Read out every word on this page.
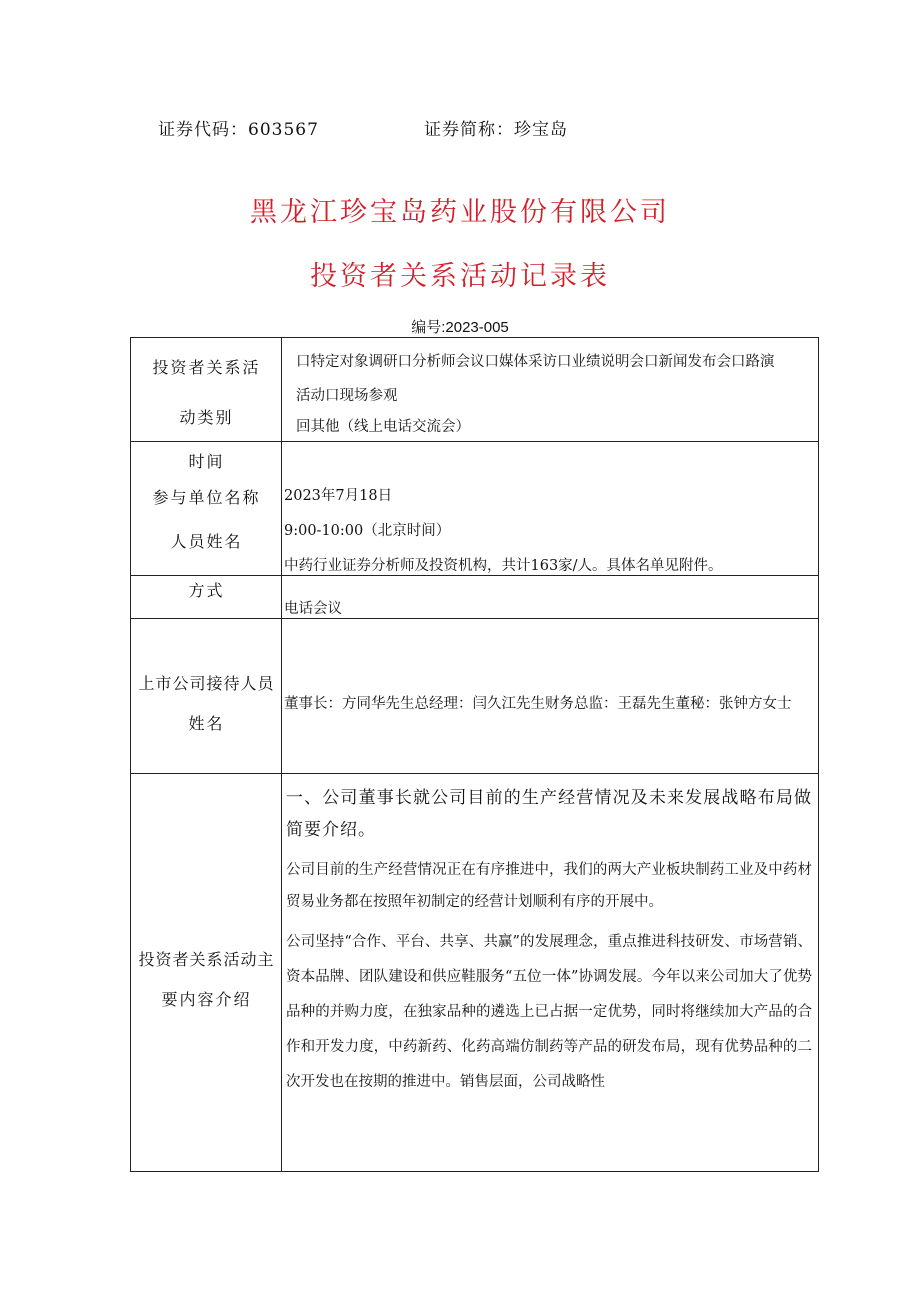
证券代码：603567	证券简称：珍宝岛
黑龙江珍宝岛药业股份有限公司
投资者关系活动记录表
编号:2023-005
投资者关系活
动类别
口特定对象调研口分析师会议口媒体采访口业绩说明会口新闻发布会口路演
活动口现场参观
回其他（线上电话交流会）
时间
参与单位名称
人员姓名
2023年7月18日
9:00-10:00（北京时间）
中药行业证券分析师及投资机构，共计163家/人。具体名单见附件。
方式
电话会议
上市公司接待人员
姓名
董事长：方同华先生总经理：闫久江先生财务总监：王磊先生董秘：张钟方女士
投资者关系活动主
要内容介绍
一、公司董事长就公司目前的生产经营情况及未来发展战略布局做简要介绍。
公司目前的生产经营情况正在有序推进中，我们的两大产业板块制药工业及中药材贸易业务都在按照年初制定的经营计划顺利有序的开展中。
公司坚持“合作、平台、共享、共赢”的发展理念，重点推进科技研发、市场营销、资本品牌、团队建设和供应鞋服务“五位一体”协调发展。今年以来公司加大了优势品种的并购力度，在独家品种的遴选上已占据一定优势，同时将继续加大产品的合作和开发力度，中药新药、化药高端仿制药等产品的研发布局，现有优势品种的二次开发也在按期的推进中。销售层面，公司战略性
